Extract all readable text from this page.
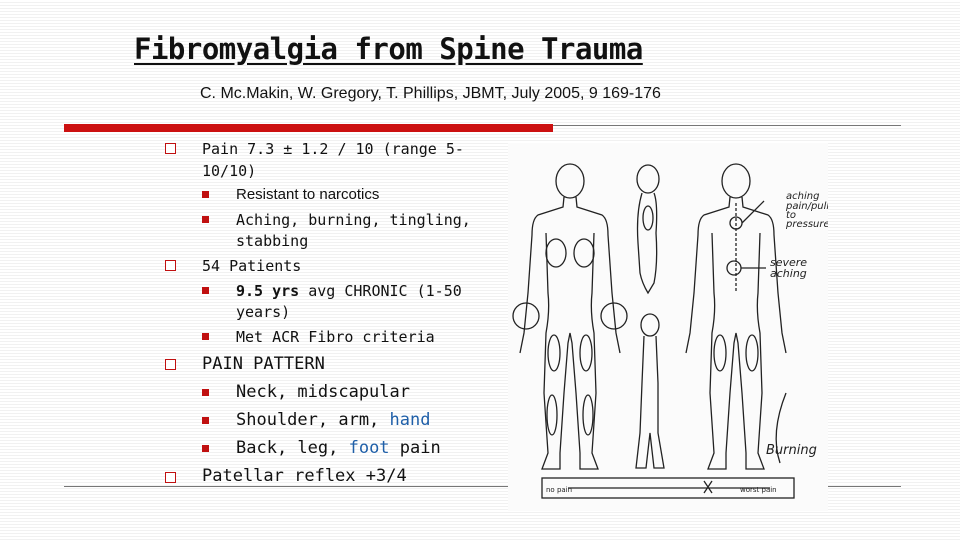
Fibromyalgia from Spine Trauma
C. Mc.Makin, W. Gregory, T. Phillips, JBMT, July 2005, 9 169-176
Pain 7.3 ± 1.2 / 10 (range 5-
10/10)
Resistant to narcotics
Aching, burning, tingling,
stabbing
54 Patients
9.5 yrs avg CHRONIC (1-50
years)
Met ACR Fibro criteria
PAIN PATTERN
Neck, midscapular
Shoulder, arm, hand
Back, leg, foot pain
Patellar reflex +3/4
aching
pain/pull
to
pressure
severe
aching
Burning
no pain	worst pain
